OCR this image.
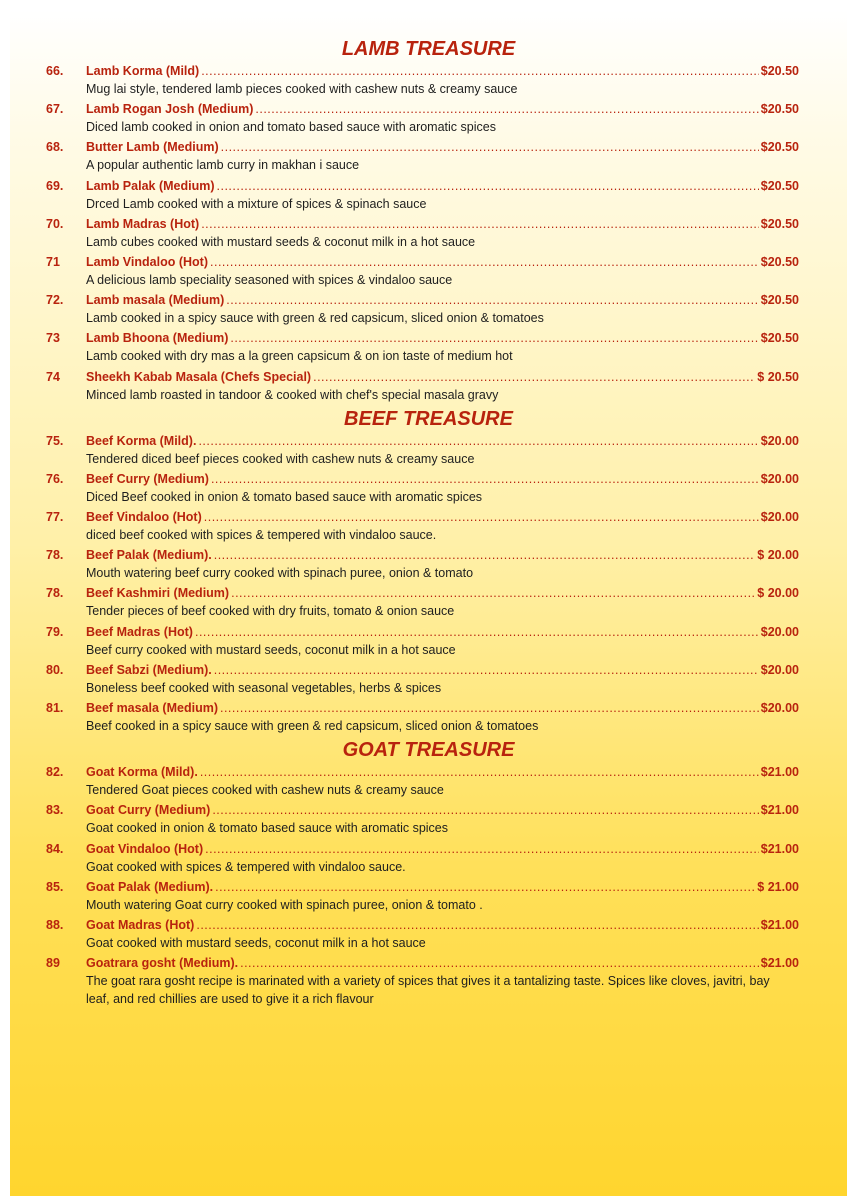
LAMB TREASURE
66.	Lamb Korma (Mild) .....	$20.50
Mug lai style, tendered lamb pieces cooked with cashew nuts & creamy sauce
67.	Lamb Rogan Josh (Medium) .....	$20.50
Diced lamb cooked in onion and tomato based sauce with aromatic spices
68.	Butter Lamb (Medium) .....	$20.50
A popular authentic lamb curry in makhan i sauce
69.	Lamb Palak (Medium) .....	$20.50
Drced Lamb cooked with a mixture of spices & spinach sauce
70.	Lamb Madras (Hot) .....	$20.50
Lamb cubes cooked with mustard seeds & coconut milk in a hot sauce
71	Lamb Vindaloo (Hot) .....	$20.50
A delicious lamb speciality seasoned with spices & vindaloo sauce
72.	Lamb masala (Medium) .....	$20.50
Lamb cooked in a spicy sauce with green & red capsicum, sliced onion & tomatoes
73	Lamb Bhoona (Medium) .....	$20.50
Lamb cooked with dry mas a la green capsicum & on ion taste of medium hot
74	Sheekh Kabab Masala (Chefs Special) .....	$ 20.50
Minced lamb roasted in tandoor & cooked with chef's special masala gravy
BEEF TREASURE
75.	Beef Korma (Mild). .....	$20.00
Tendered diced beef pieces cooked with cashew nuts & creamy sauce
76.	Beef Curry (Medium) .....	$20.00
Diced Beef cooked in onion & tomato based sauce with aromatic spices
77.	Beef Vindaloo (Hot) .....	$20.00
diced beef cooked with spices & tempered with vindaloo sauce.
78.	Beef Palak (Medium). .....	$ 20.00
Mouth watering beef curry cooked with spinach puree, onion & tomato
78.	Beef Kashmiri (Medium) .....	$ 20.00
Tender pieces of beef cooked with dry fruits, tomato & onion sauce
79.	Beef Madras (Hot) .....	$20.00
Beef curry cooked with mustard seeds, coconut milk in a hot sauce
80.	Beef Sabzi (Medium). .....	$20.00
Boneless beef cooked with seasonal vegetables, herbs & spices
81.	Beef masala (Medium) .....	$20.00
Beef cooked in a spicy sauce with green & red capsicum, sliced onion & tomatoes
GOAT TREASURE
82.	Goat Korma (Mild). .....	$21.00
Tendered Goat pieces cooked with cashew nuts & creamy sauce
83.	Goat Curry (Medium) .....	$21.00
Goat cooked in onion & tomato based sauce with aromatic spices
84.	Goat Vindaloo (Hot) .....	$21.00
Goat cooked with spices & tempered with vindaloo sauce.
85.	Goat Palak (Medium). .....	$ 21.00
Mouth watering Goat curry cooked with spinach puree, onion & tomato .
88.	Goat Madras (Hot) .....	$21.00
Goat cooked with mustard seeds, coconut milk in a hot sauce
89	Goatrara gosht (Medium). .....	$21.00
The goat rara gosht recipe is marinated with a variety of spices that gives it a tantalizing taste. Spices like cloves, javitri, bay leaf, and red chillies are used to give it a rich flavour
